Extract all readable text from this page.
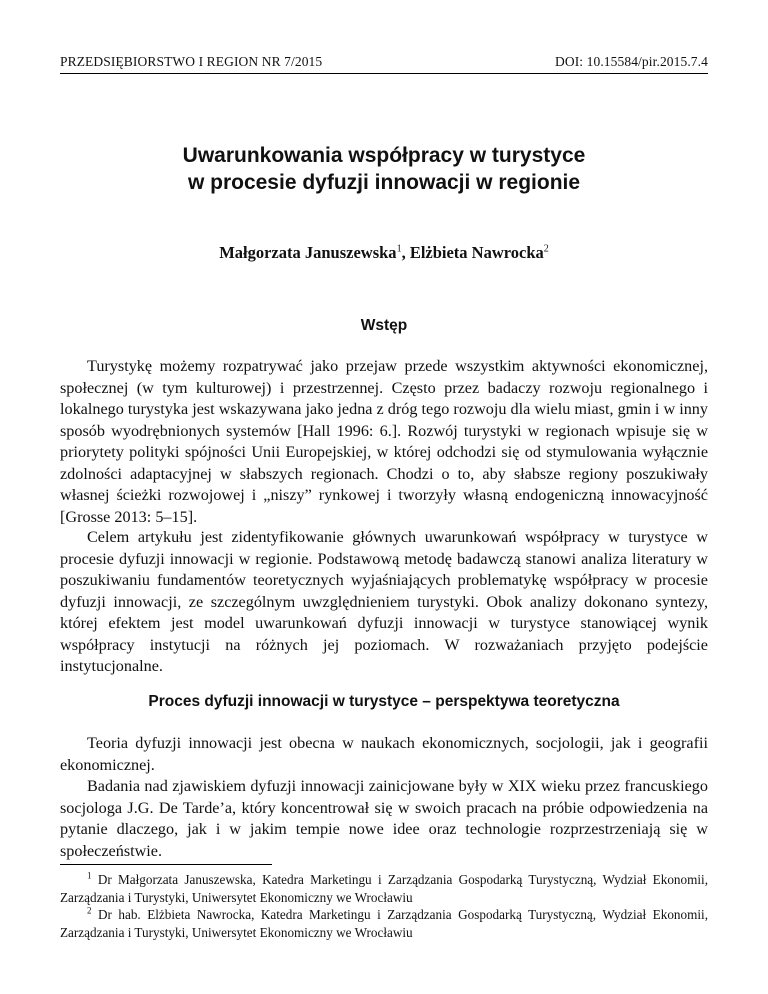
PRZEDSIĘBIORSTWO I REGION NR 7/2015	DOI: 10.15584/pir.2015.7.4
Uwarunkowania współpracy w turystyce
w procesie dyfuzji innowacji w regionie
Małgorzata Januszewska$^1$, Elżbieta Nawrocka$^2$
Wstęp

Turystykę możemy rozpatrywać jako przejaw przede wszystkim aktywności ekonomicznej, społecznej (w tym kulturowej) i przestrzennej. Często przez badaczy rozwoju regionalnego i lokalnego turystyka jest wskazywana jako jedna z dróg tego rozwoju dla wielu miast, gmin i w inny sposób wyodrębnionych systemów [Hall 1996: 6.]. Rozwój turystyki w regionach wpisuje się w priorytety polityki spójności Unii Europejskiej, w której odchodzi się od stymulowania wyłącznie zdolności adaptacyjnej w słabszych regionach. Chodzi o to, aby słabsze regiony poszukiwały własnej ścieżki rozwojowej i „niszy” rynkowej i tworzyły własną endogeniczną innowacyjność [Grosse 2013: 5–15].

Celem artykułu jest zidentyfikowanie głównych uwarunkowań współpracy w turystyce w procesie dyfuzji innowacji w regionie. Podstawową metodę badawczą stanowi analiza literatury w poszukiwaniu fundamentów teoretycznych wyjaśniających problematykę współpracy w procesie dyfuzji innowacji, ze szczególnym uwzględnieniem turystyki. Obok analizy dokonano syntezy, której efektem jest model uwarunkowań dyfuzji innowacji w turystyce stanowiącej wynik współpracy instytucji na różnych jej poziomach. W rozważaniach przyjęto podejście instytucjonalne.

Proces dyfuzji innowacji w turystyce – perspektywa teoretyczna

Teoria dyfuzji innowacji jest obecna w naukach ekonomicznych, socjologii, jak i geografii ekonomicznej.

Badania nad zjawiskiem dyfuzji innowacji zainicjowane były w XIX wieku przez francuskiego socjologa J.G. De Tarde’a, który koncentrował się w swoich pracach na próbie odpowiedzenia na pytanie dlaczego, jak i w jakim tempie nowe idee oraz technologie rozprzestrzeniają się w społeczeństwie.

$^1$ Dr Małgorzata Januszewska, Katedra Marketingu i Zarządzania Gospodarką Turystyczną, Wydział Ekonomii, Zarządzania i Turystyki, Uniwersytet Ekonomiczny we Wrocławiu

$^2$ Dr hab. Elżbieta Nawrocka, Katedra Marketingu i Zarządzania Gospodarką Turystyczną, Wydział Ekonomii, Zarządzania i Turystyki, Uniwersytet Ekonomiczny we Wrocławiu
